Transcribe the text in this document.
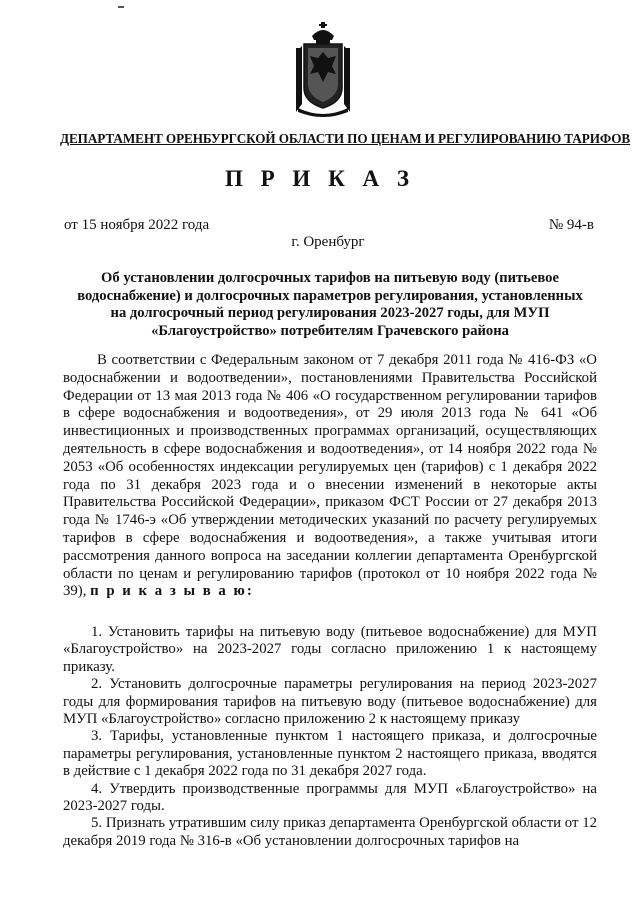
ДЕПАРТАМЕНТ ОРЕНБУРГСКОЙ ОБЛАСТИ ПО ЦЕНАМ И РЕГУЛИРОВАНИЮ ТАРИФОВ
П Р И К А З
от 15 ноября 2022 года	№ 94-в
г. Оренбург
Об установлении долгосрочных тарифов на питьевую воду (питьевое водоснабжение) и долгосрочных параметров регулирования, установленных на долгосрочный период регулирования 2023-2027 годы, для МУП «Благоустройство» потребителям Грачевского района
В соответствии с Федеральным законом от 7 декабря 2011 года № 416-ФЗ «О водоснабжении и водоотведении», постановлениями Правительства Российской Федерации от 13 мая 2013 года № 406 «О государственном регулировании тарифов в сфере водоснабжения и водоотведения», от 29 июля 2013 года № 641 «Об инвестиционных и производственных программах организаций, осуществляющих деятельность в сфере водоснабжения и водоотведения», от 14 ноября 2022 года № 2053 «Об особенностях индексации регулируемых цен (тарифов) с 1 декабря 2022 года по 31 декабря 2023 года и о внесении изменений в некоторые акты Правительства Российской Федерации», приказом ФСТ России от 27 декабря 2013 года № 1746-э «Об утверждении методических указаний по расчету регулируемых тарифов в сфере водоснабжения и водоотведения», а также учитывая итоги рассмотрения данного вопроса на заседании коллегии департамента Оренбургской области по ценам и регулированию тарифов (протокол от 10 ноября 2022 года № 39), п р и к а з ы в а ю:

1. Установить тарифы на питьевую воду (питьевое водоснабжение) для МУП «Благоустройство» на 2023-2027 годы согласно приложению 1 к настоящему приказу.

2. Установить долгосрочные параметры регулирования на период 2023-2027 годы для формирования тарифов на питьевую воду (питьевое водоснабжение) для МУП «Благоустройство» согласно приложению 2 к настоящему приказу

3. Тарифы, установленные пунктом 1 настоящего приказа, и долгосрочные параметры регулирования, установленные пунктом 2 настоящего приказа, вводятся в действие с 1 декабря 2022 года по 31 декабря 2027 года.

4. Утвердить производственные программы для МУП «Благоустройство» на 2023-2027 годы.

5. Признать утратившим силу приказ департамента Оренбургской области от 12 декабря 2019 года № 316-в «Об установлении долгосрочных тарифов на
